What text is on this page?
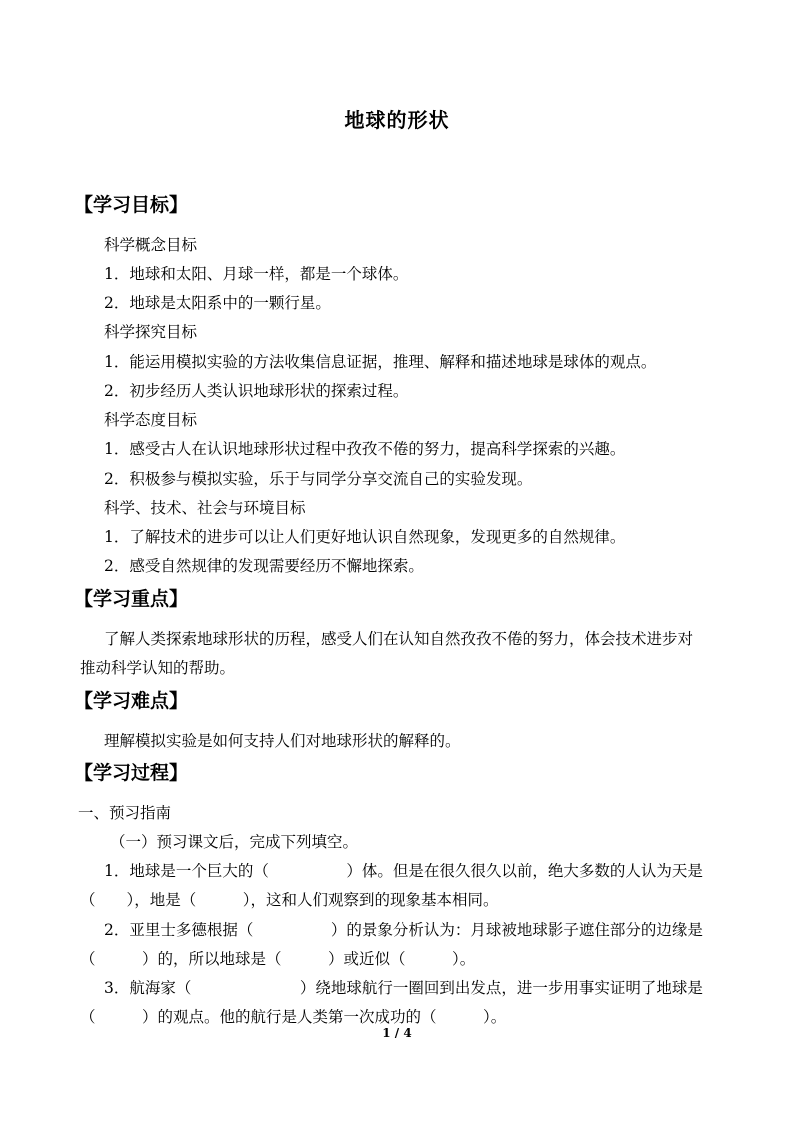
地球的形状
【学习目标】
科学概念目标
1．地球和太阳、月球一样，都是一个球体。
2．地球是太阳系中的一颗行星。
科学探究目标
1．能运用模拟实验的方法收集信息证据，推理、解释和描述地球是球体的观点。
2．初步经历人类认识地球形状的探索过程。
科学态度目标
1．感受古人在认识地球形状过程中孜孜不倦的努力，提高科学探索的兴趣。
2．积极参与模拟实验，乐于与同学分享交流自己的实验发现。
科学、技术、社会与环境目标
1．了解技术的进步可以让人们更好地认识自然现象，发现更多的自然规律。
2．感受自然规律的发现需要经历不懈地探索。
【学习重点】
了解人类探索地球形状的历程，感受人们在认知自然孜孜不倦的努力，体会技术进步对
推动科学认知的帮助。
【学习难点】
理解模拟实验是如何支持人们对地球形状的解释的。
【学习过程】
一、预习指南
（一）预习课文后，完成下列填空。
1．地球是一个巨大的（　　　　　）体。但是在很久很久以前，绝大多数的人认为天是
（　　），地是（　　　），这和人们观察到的现象基本相同。
2．亚里士多德根据（　　　　　）的景象分析认为：月球被地球影子遮住部分的边缘是
（　　　）的，所以地球是（　　　）或近似（　　　）。
3．航海家（　　　　　　　）绕地球航行一圈回到出发点，进一步用事实证明了地球是
（　　　）的观点。他的航行是人类第一次成功的（　　　）。
1 / 4
